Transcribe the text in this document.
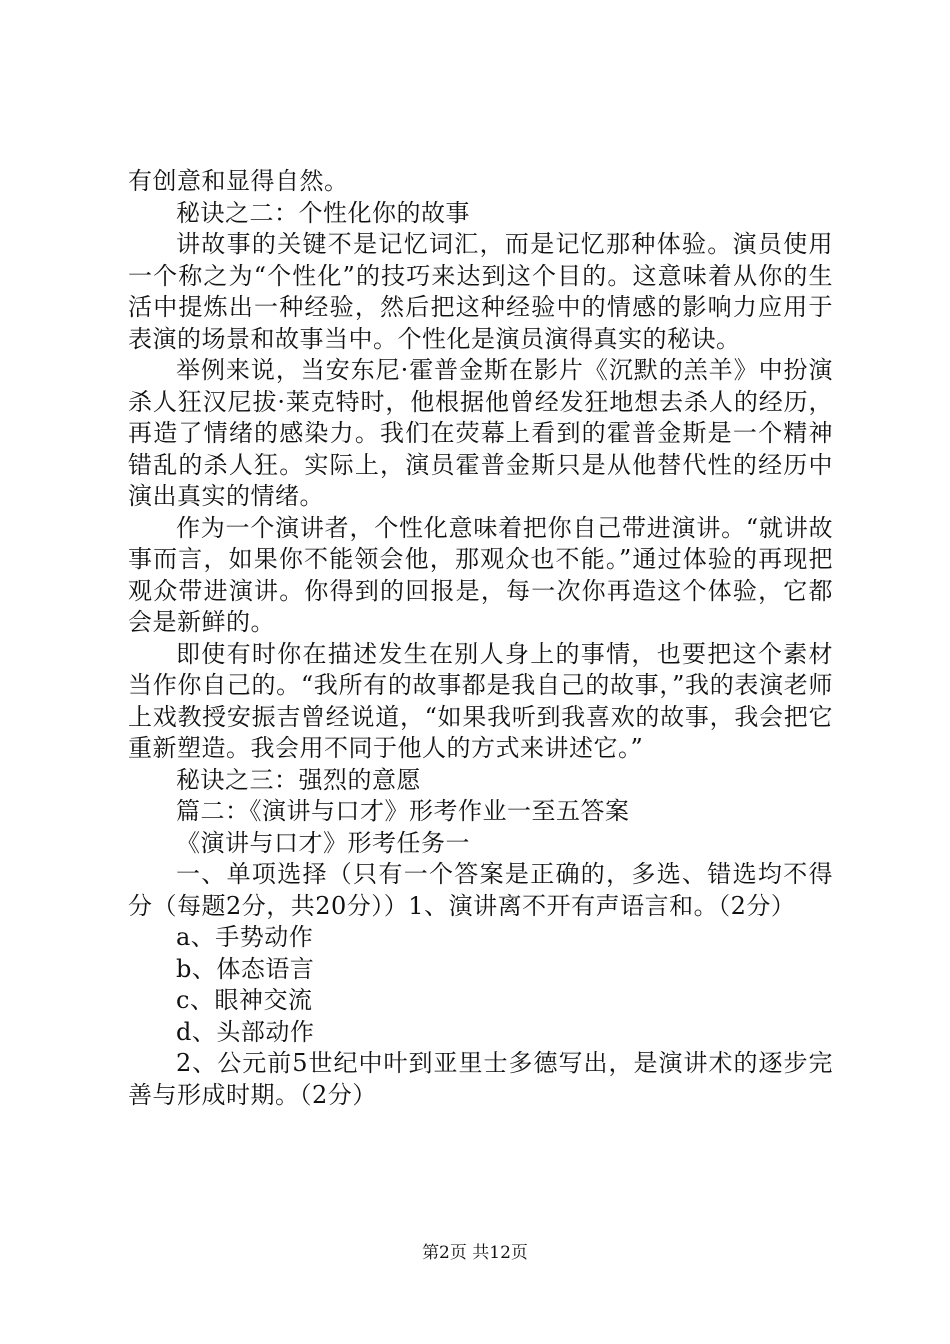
有创意和显得自然。

秘诀之二：个性化你的故事

讲故事的关键不是记忆词汇，而是记忆那种体验。演员使用一个称之为“个性化”的技巧来达到这个目的。这意味着从你的生活中提炼出一种经验，然后把这种经验中的情感的影响力应用于表演的场景和故事当中。个性化是演员演得真实的秘诀。

举例来说，当安东尼·霍普金斯在影片《沉默的羔羊》中扮演杀人狂汉尼拔·莱克特时，他根据他曾经发狂地想去杀人的经历，再造了情绪的感染力。我们在荧幕上看到的霍普金斯是一个精神错乱的杀人狂。实际上，演员霍普金斯只是从他替代性的经历中演出真实的情绪。

作为一个演讲者，个性化意味着把你自己带进演讲。“就讲故事而言，如果你不能领会他，那观众也不能。”通过体验的再现把观众带进演讲。你得到的回报是，每一次你再造这个体验，它都会是新鲜的。

即使有时你在描述发生在别人身上的事情，也要把这个素材当作你自己的。“我所有的故事都是我自己的故事，”我的表演老师上戏教授安振吉曾经说道，“如果我听到我喜欢的故事，我会把它重新塑造。我会用不同于他人的方式来讲述它。”

秘诀之三：强烈的意愿

篇二：《演讲与口才》形考作业一至五答案

《演讲与口才》形考任务一

一、单项选择（只有一个答案是正确的，多选、错选均不得分（每题2分，共20分））1、演讲离不开有声语言和。（2分）

a、手势动作

b、体态语言

c、眼神交流

d、头部动作

2、公元前5世纪中叶到亚里士多德写出，是演讲术的逐步完善与形成时期。（2分）

第2页 共12页
